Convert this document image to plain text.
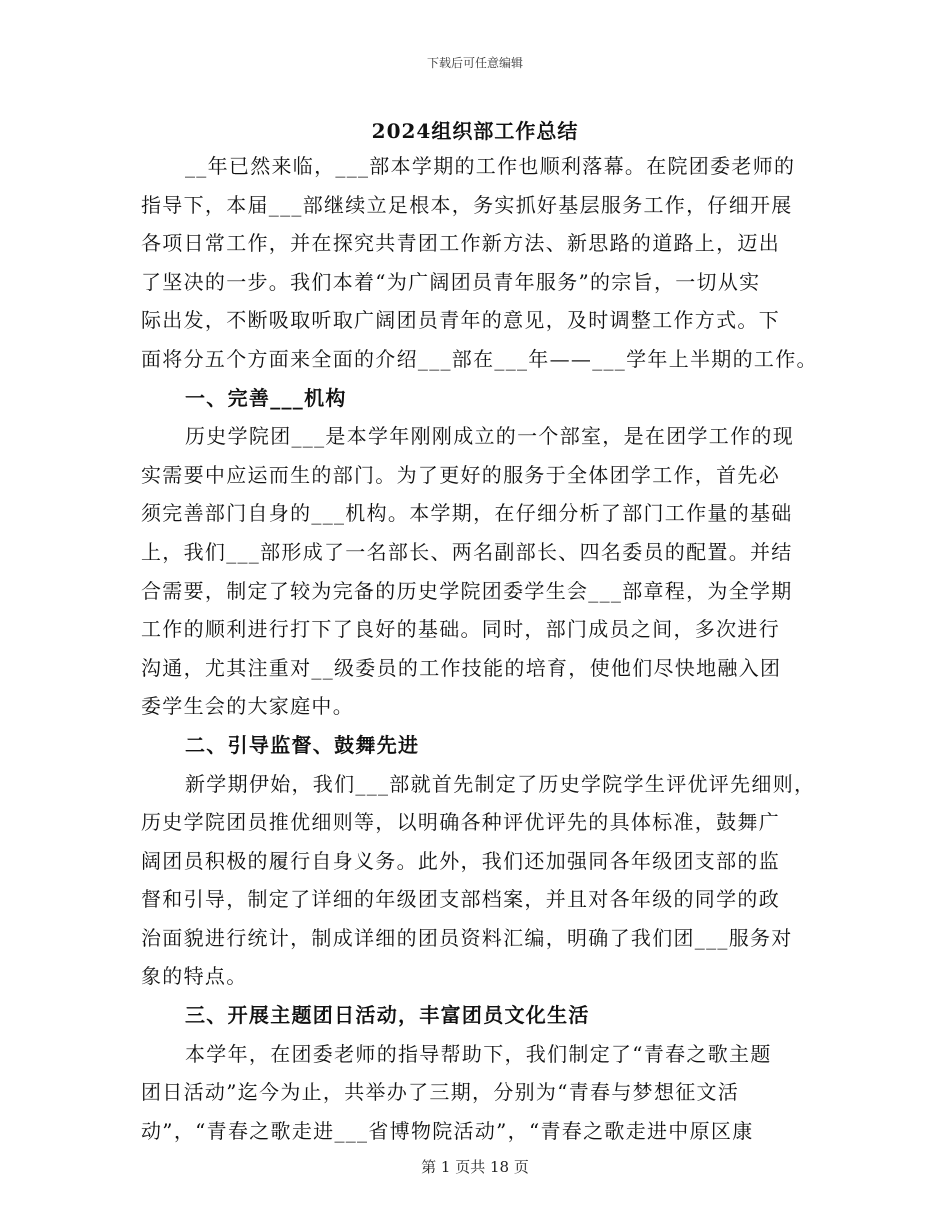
下载后可任意编辑
2024组织部工作总结
__年已然来临，___部本学期的工作也顺利落幕。在院团委老师的
指导下，本届___部继续立足根本，务实抓好基层服务工作，仔细开展
各项日常工作，并在探究共青团工作新方法、新思路的道路上，迈出
了坚决的一步。我们本着“为广阔团员青年服务”的宗旨，一切从实
际出发，不断吸取听取广阔团员青年的意见，及时调整工作方式。下
面将分五个方面来全面的介绍___部在___年——___学年上半期的工作。
一、完善___机构
历史学院团___是本学年刚刚成立的一个部室，是在团学工作的现
实需要中应运而生的部门。为了更好的服务于全体团学工作，首先必
须完善部门自身的___机构。本学期，在仔细分析了部门工作量的基础
上，我们___部形成了一名部长、两名副部长、四名委员的配置。并结
合需要，制定了较为完备的历史学院团委学生会___部章程，为全学期
工作的顺利进行打下了良好的基础。同时，部门成员之间，多次进行
沟通，尤其注重对__级委员的工作技能的培育，使他们尽快地融入团
委学生会的大家庭中。
二、引导监督、鼓舞先进
新学期伊始，我们___部就首先制定了历史学院学生评优评先细则，
历史学院团员推优细则等，以明确各种评优评先的具体标准，鼓舞广
阔团员积极的履行自身义务。此外，我们还加强同各年级团支部的监
督和引导，制定了详细的年级团支部档案，并且对各年级的同学的政
治面貌进行统计，制成详细的团员资料汇编，明确了我们团___服务对
象的特点。
三、开展主题团日活动，丰富团员文化生活
本学年，在团委老师的指导帮助下，我们制定了“青春之歌主题
团日活动”迄今为止，共举办了三期，分别为“青春与梦想征文活
动”，“青春之歌走进___省博物院活动”，“青春之歌走进中原区康
第 1 页共 18 页
